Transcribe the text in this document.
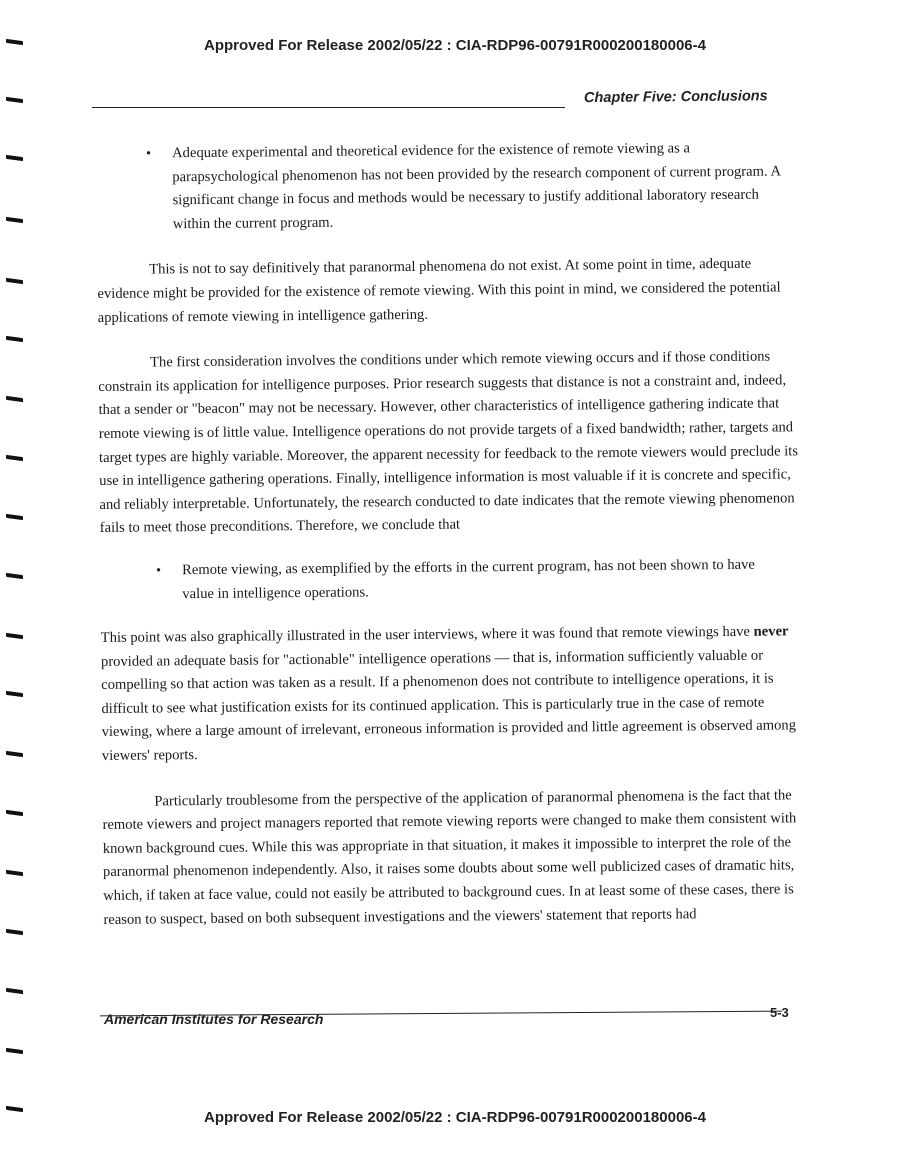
Approved For Release 2002/05/22 : CIA-RDP96-00791R000200180006-4
Chapter Five: Conclusions
• Adequate experimental and theoretical evidence for the existence of remote viewing as a parapsychological phenomenon has not been provided by the research component of current program. A significant change in focus and methods would be necessary to justify additional laboratory research within the current program.

This is not to say definitively that paranormal phenomena do not exist. At some point in time, adequate evidence might be provided for the existence of remote viewing. With this point in mind, we considered the potential applications of remote viewing in intelligence gathering.

The first consideration involves the conditions under which remote viewing occurs and if those conditions constrain its application for intelligence purposes. Prior research suggests that distance is not a constraint and, indeed, that a sender or "beacon" may not be necessary. However, other characteristics of intelligence gathering indicate that remote viewing is of little value. Intelligence operations do not provide targets of a fixed bandwidth; rather, targets and target types are highly variable. Moreover, the apparent necessity for feedback to the remote viewers would preclude its use in intelligence gathering operations. Finally, intelligence information is most valuable if it is concrete and specific, and reliably interpretable. Unfortunately, the research conducted to date indicates that the remote viewing phenomenon fails to meet those preconditions. Therefore, we conclude that

• Remote viewing, as exemplified by the efforts in the current program, has not been shown to have value in intelligence operations.

This point was also graphically illustrated in the user interviews, where it was found that remote viewings have never provided an adequate basis for "actionable" intelligence operations — that is, information sufficiently valuable or compelling so that action was taken as a result. If a phenomenon does not contribute to intelligence operations, it is difficult to see what justification exists for its continued application. This is particularly true in the case of remote viewing, where a large amount of irrelevant, erroneous information is provided and little agreement is observed among viewers' reports.

Particularly troublesome from the perspective of the application of paranormal phenomena is the fact that the remote viewers and project managers reported that remote viewing reports were changed to make them consistent with known background cues. While this was appropriate in that situation, it makes it impossible to interpret the role of the paranormal phenomenon independently. Also, it raises some doubts about some well publicized cases of dramatic hits, which, if taken at face value, could not easily be attributed to background cues. In at least some of these cases, there is reason to suspect, based on both subsequent investigations and the viewers' statement that reports had

American Institutes for Research	5-3
Approved For Release 2002/05/22 : CIA-RDP96-00791R000200180006-4
